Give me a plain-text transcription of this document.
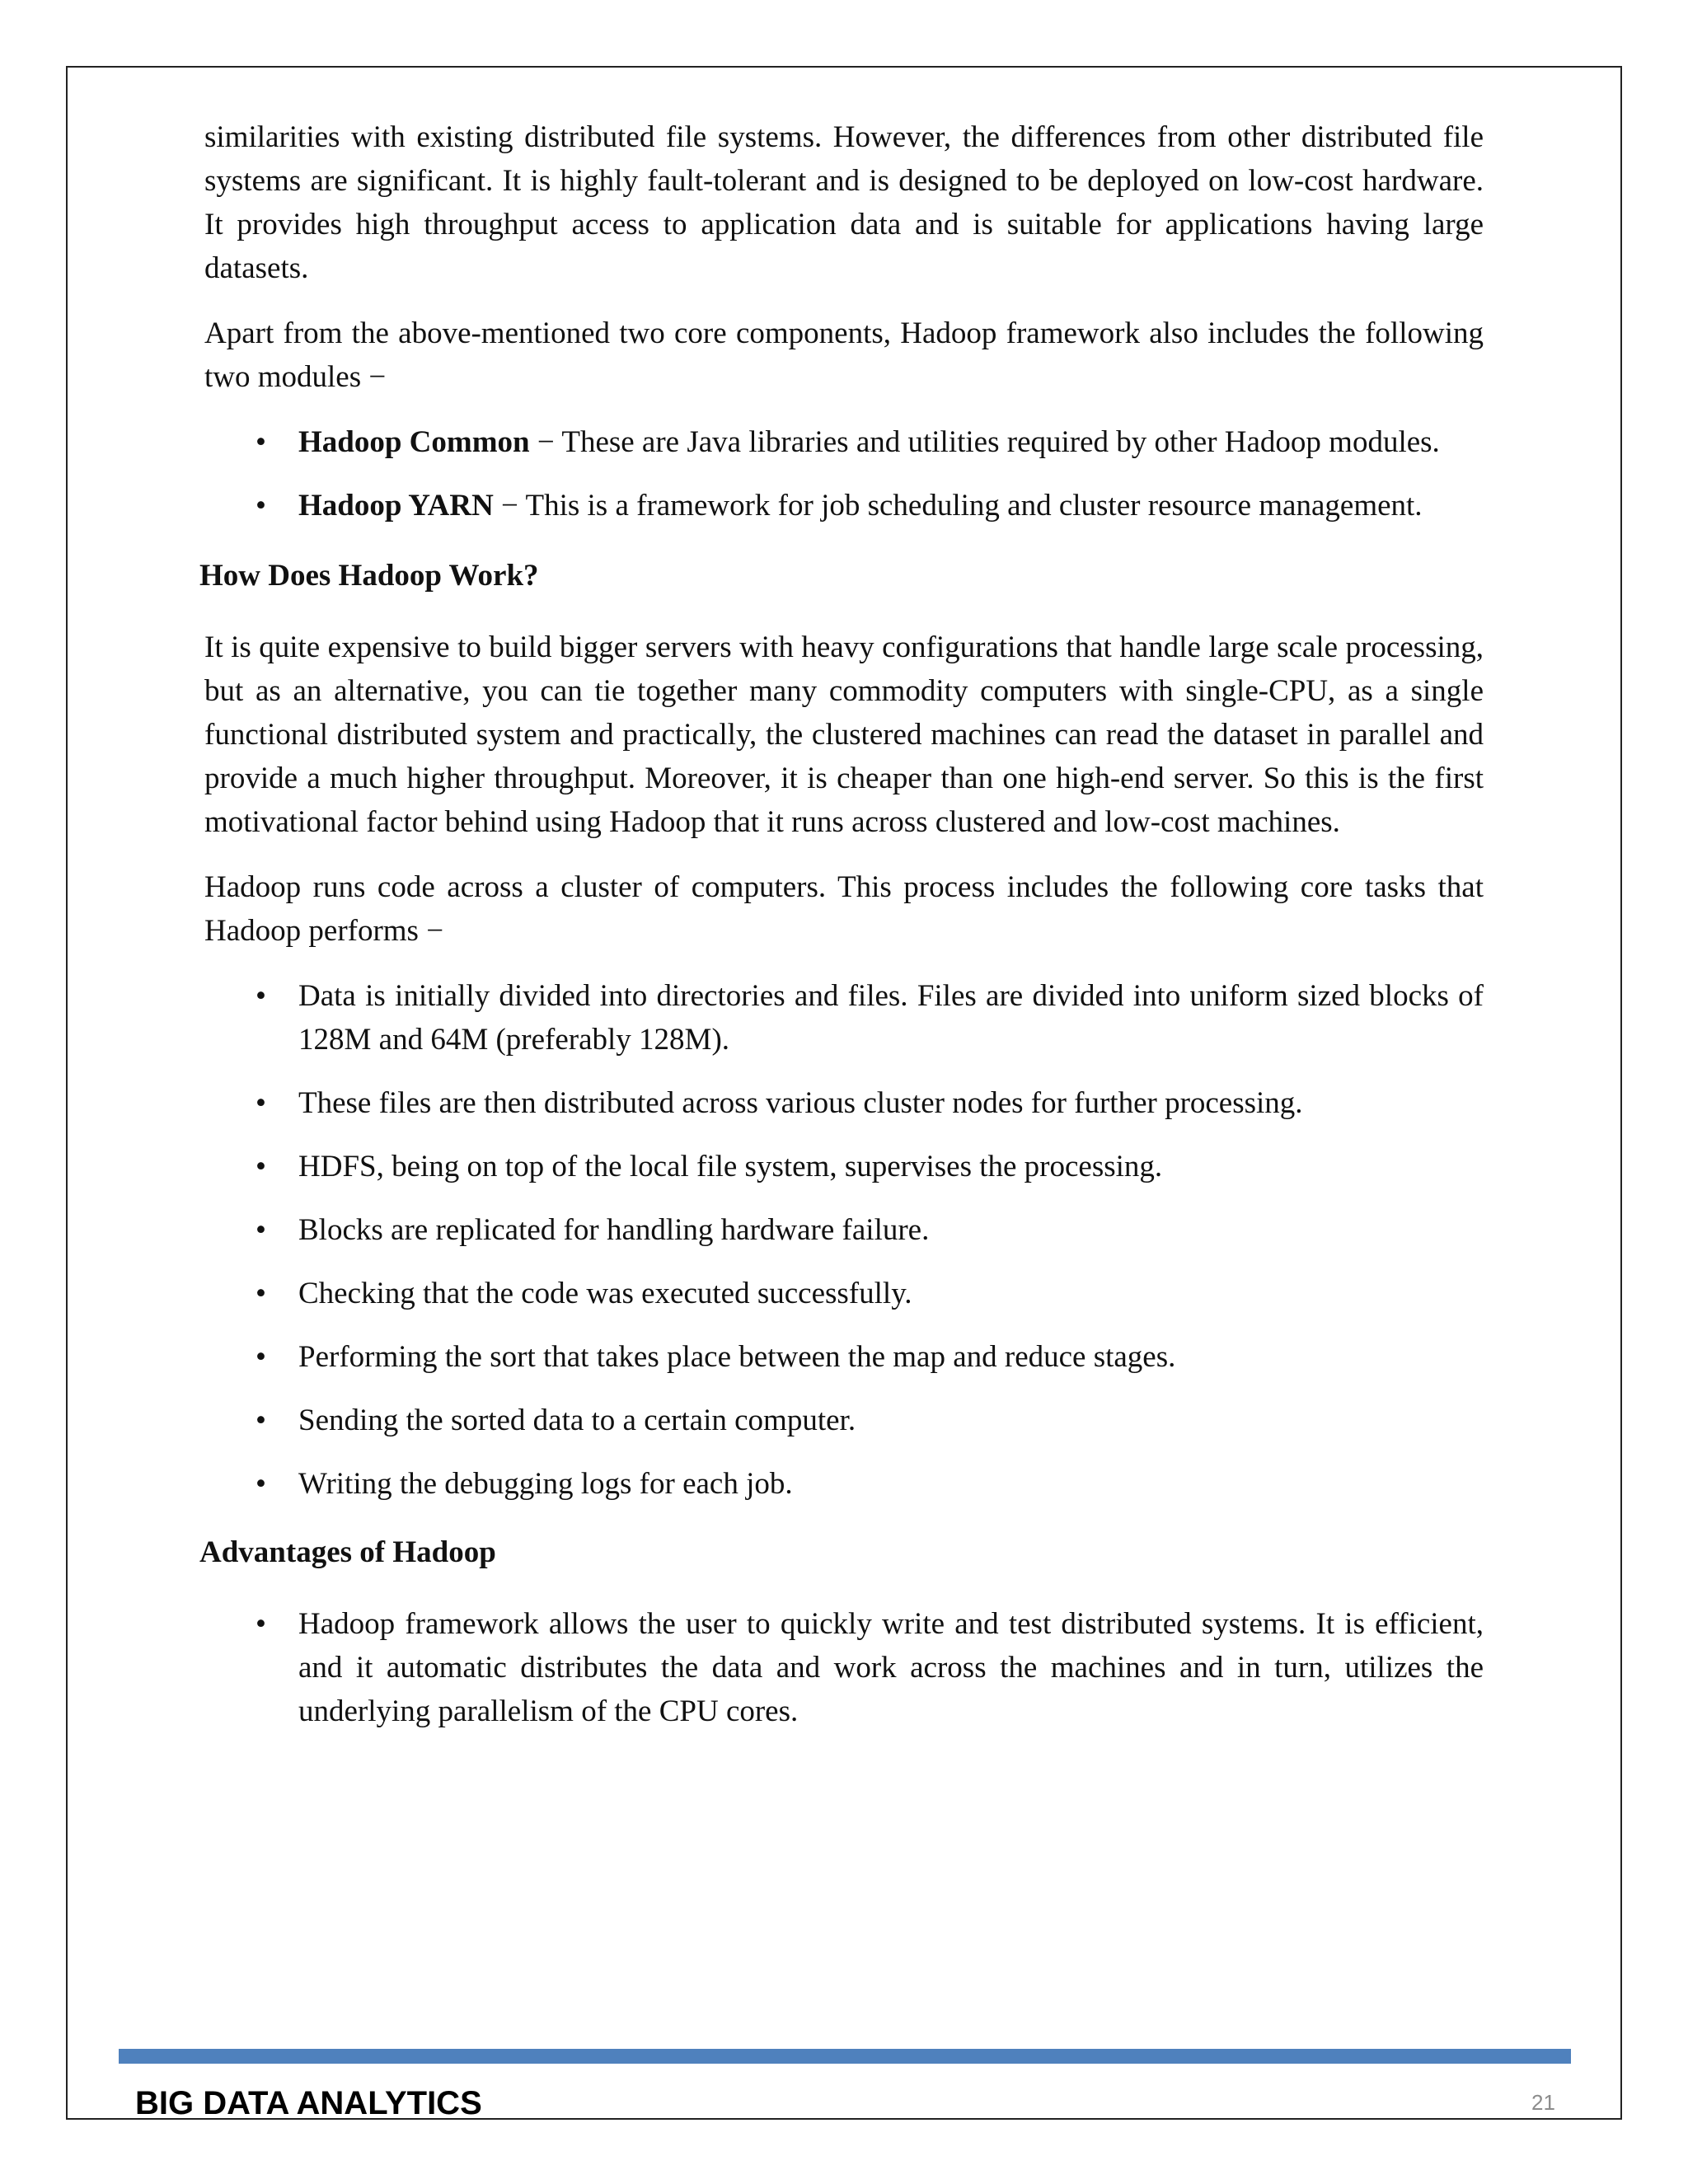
similarities with existing distributed file systems. However, the differences from other distributed file systems are significant. It is highly fault-tolerant and is designed to be deployed on low-cost hardware. It provides high throughput access to application data and is suitable for applications having large datasets.

Apart from the above-mentioned two core components, Hadoop framework also includes the following two modules −

• Hadoop Common − These are Java libraries and utilities required by other Hadoop modules.
• Hadoop YARN − This is a framework for job scheduling and cluster resource management.
How Does Hadoop Work?

It is quite expensive to build bigger servers with heavy configurations that handle large scale processing, but as an alternative, you can tie together many commodity computers with single-CPU, as a single functional distributed system and practically, the clustered machines can read the dataset in parallel and provide a much higher throughput. Moreover, it is cheaper than one high-end server. So this is the first motivational factor behind using Hadoop that it runs across clustered and low-cost machines.

Hadoop runs code across a cluster of computers. This process includes the following core tasks that Hadoop performs −

• Data is initially divided into directories and files. Files are divided into uniform sized blocks of 128M and 64M (preferably 128M).
• These files are then distributed across various cluster nodes for further processing.
• HDFS, being on top of the local file system, supervises the processing.
• Blocks are replicated for handling hardware failure.
• Checking that the code was executed successfully.
• Performing the sort that takes place between the map and reduce stages.
• Sending the sorted data to a certain computer.
• Writing the debugging logs for each job.
Advantages of Hadoop
• Hadoop framework allows the user to quickly write and test distributed systems. It is efficient, and it automatic distributes the data and work across the machines and in turn, utilizes the underlying parallelism of the CPU cores.
BIG DATA ANALYTICS	21
